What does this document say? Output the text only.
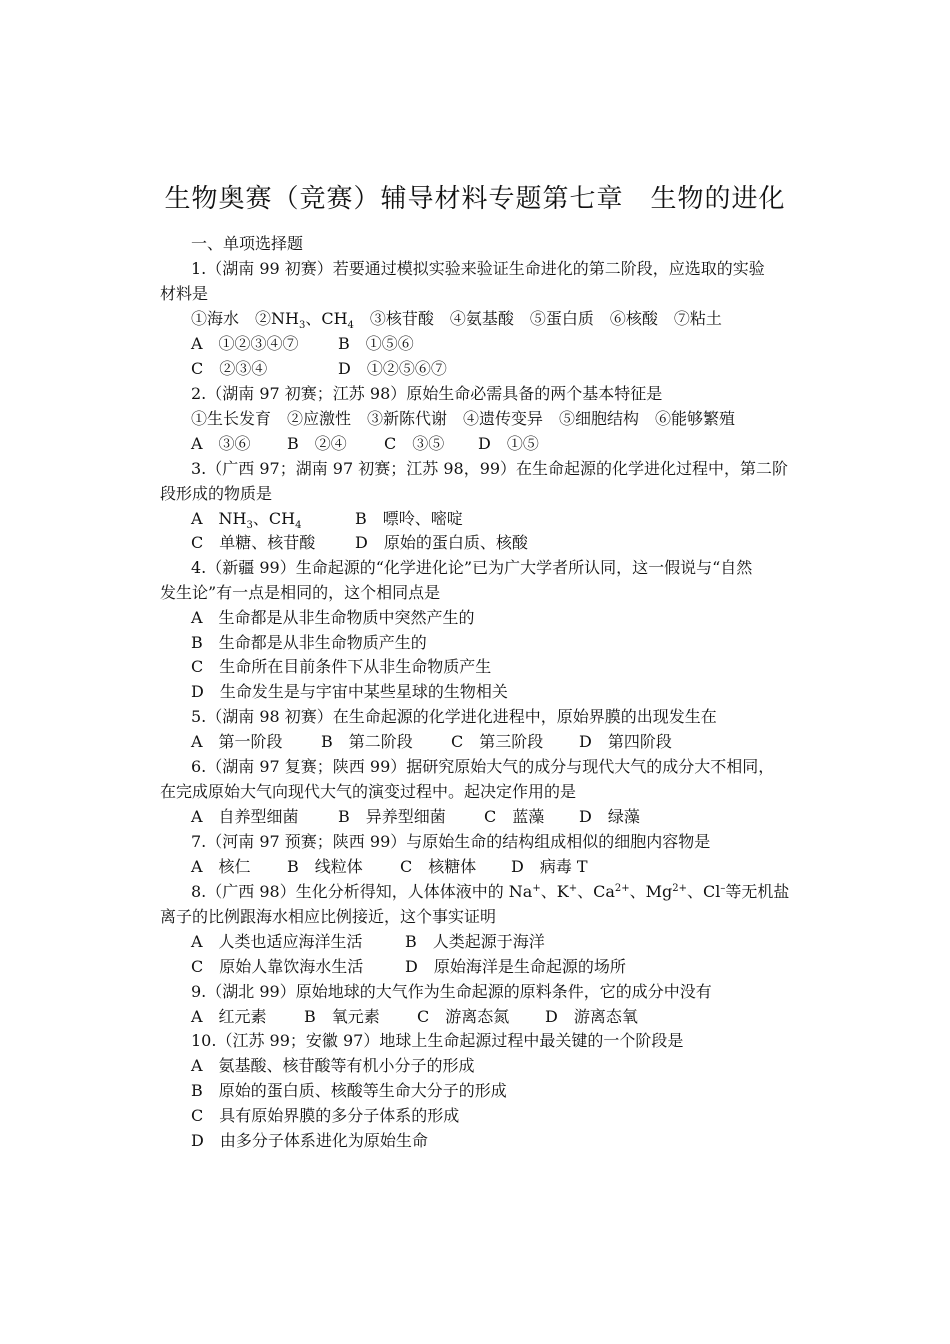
生物奥赛（竞赛）辅导材料专题第七章　生物的进化
一、单项选择题
1.（湖南 99 初赛）若要通过模拟实验来验证生命进化的第二阶段，应选取的实验
材料是
①海水　$②NH_3$、$CH_4$　③核苷酸　④氨基酸　⑤蛋白质　⑥核酸　⑦粘土
A　①②③④⑦ B　①⑤⑥
C　②③④	D　①②⑤⑥⑦
2.（湖南 97 初赛；江苏 98）原始生命必需具备的两个基本特征是
①生长发育　②应激性　③新陈代谢　④遗传变异　⑤细胞结构　⑥能够繁殖
A　③⑥ B　②④ C　③⑤ D　①⑤
3.（广西 97；湖南 97 初赛；江苏 98，99）在生命起源的化学进化过程中，第二阶
段形成的物质是
A　$NH_3$、$CH_4$	B　嘌呤、嘧啶
C　单糖、核苷酸 D　原始的蛋白质、核酸
4.（新疆 99）生命起源的“化学进化论”已为广大学者所认同，这一假说与“自然
发生论”有一点是相同的，这个相同点是
A　生命都是从非生命物质中突然产生的
B　生命都是从非生命物质产生的
C　生命所在目前条件下从非生命物质产生
D　生命发生是与宇宙中某些星球的生物相关
5.（湖南 98 初赛）在生命起源的化学进化进程中，原始界膜的出现发生在
A　第一阶段 B　第二阶段 C　第三阶段 D　第四阶段
6.（湖南 97 复赛；陕西 99）据研究原始大气的成分与现代大气的成分大不相同，
在完成原始大气向现代大气的演变过程中。起决定作用的是
A　自养型细菌 B　异养型细菌 C　蓝藻 D　绿藻
7.（河南 97 预赛；陕西 99）与原始生命的结构组成相似的细胞内容物是
A　核仁 B　线粒体 C　核糖体 D　病毒 T
8.（广西 98）生化分析得知，人体体液中的 Na+、K+、$Ca^{2+}$、$Mg^{2+}$、Cl–等无机盐
离子的比例跟海水相应比例接近，这个事实证明
A　人类也适应海洋生活	B　人类起源于海洋
C　原始人靠饮海水生活	D　原始海洋是生命起源的场所
9.（湖北 99）原始地球的大气作为生命起源的原料条件，它的成分中没有
A　红元素 B　氧元素 C　游离态氮 D　游离态氧
10.（江苏 99；安徽 97）地球上生命起源过程中最关键的一个阶段是
A　氨基酸、核苷酸等有机小分子的形成
B　原始的蛋白质、核酸等生命大分子的形成
C　具有原始界膜的多分子体系的形成
D　由多分子体系进化为原始生命
